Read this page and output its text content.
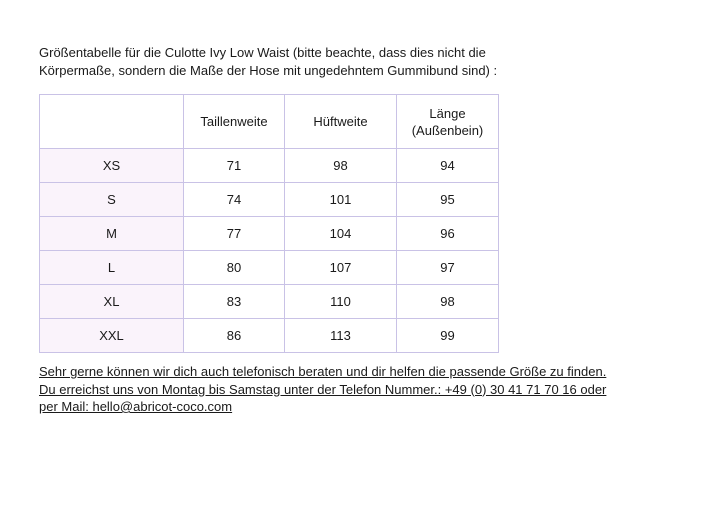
Größentabelle für die Culotte Ivy Low Waist (bitte beachte, dass dies nicht die
Körpermaße, sondern die Maße der Hose mit ungedehntem Gummibund sind) :
	Taillenweite	Hüftweite	Länge
(Außenbein)
XS	71	98	94
S	74	101	95
M	77	104	96
L	80	107	97
XL	83	110	98
XXL	86	113	99
Sehr gerne können wir dich auch telefonisch beraten und dir helfen die passende Größe zu finden.
Du erreichst uns von Montag bis Samstag unter der Telefon Nummer.: +49 (0) 30 41 71 70 16 oder
per Mail: hello@abricot-coco.com
